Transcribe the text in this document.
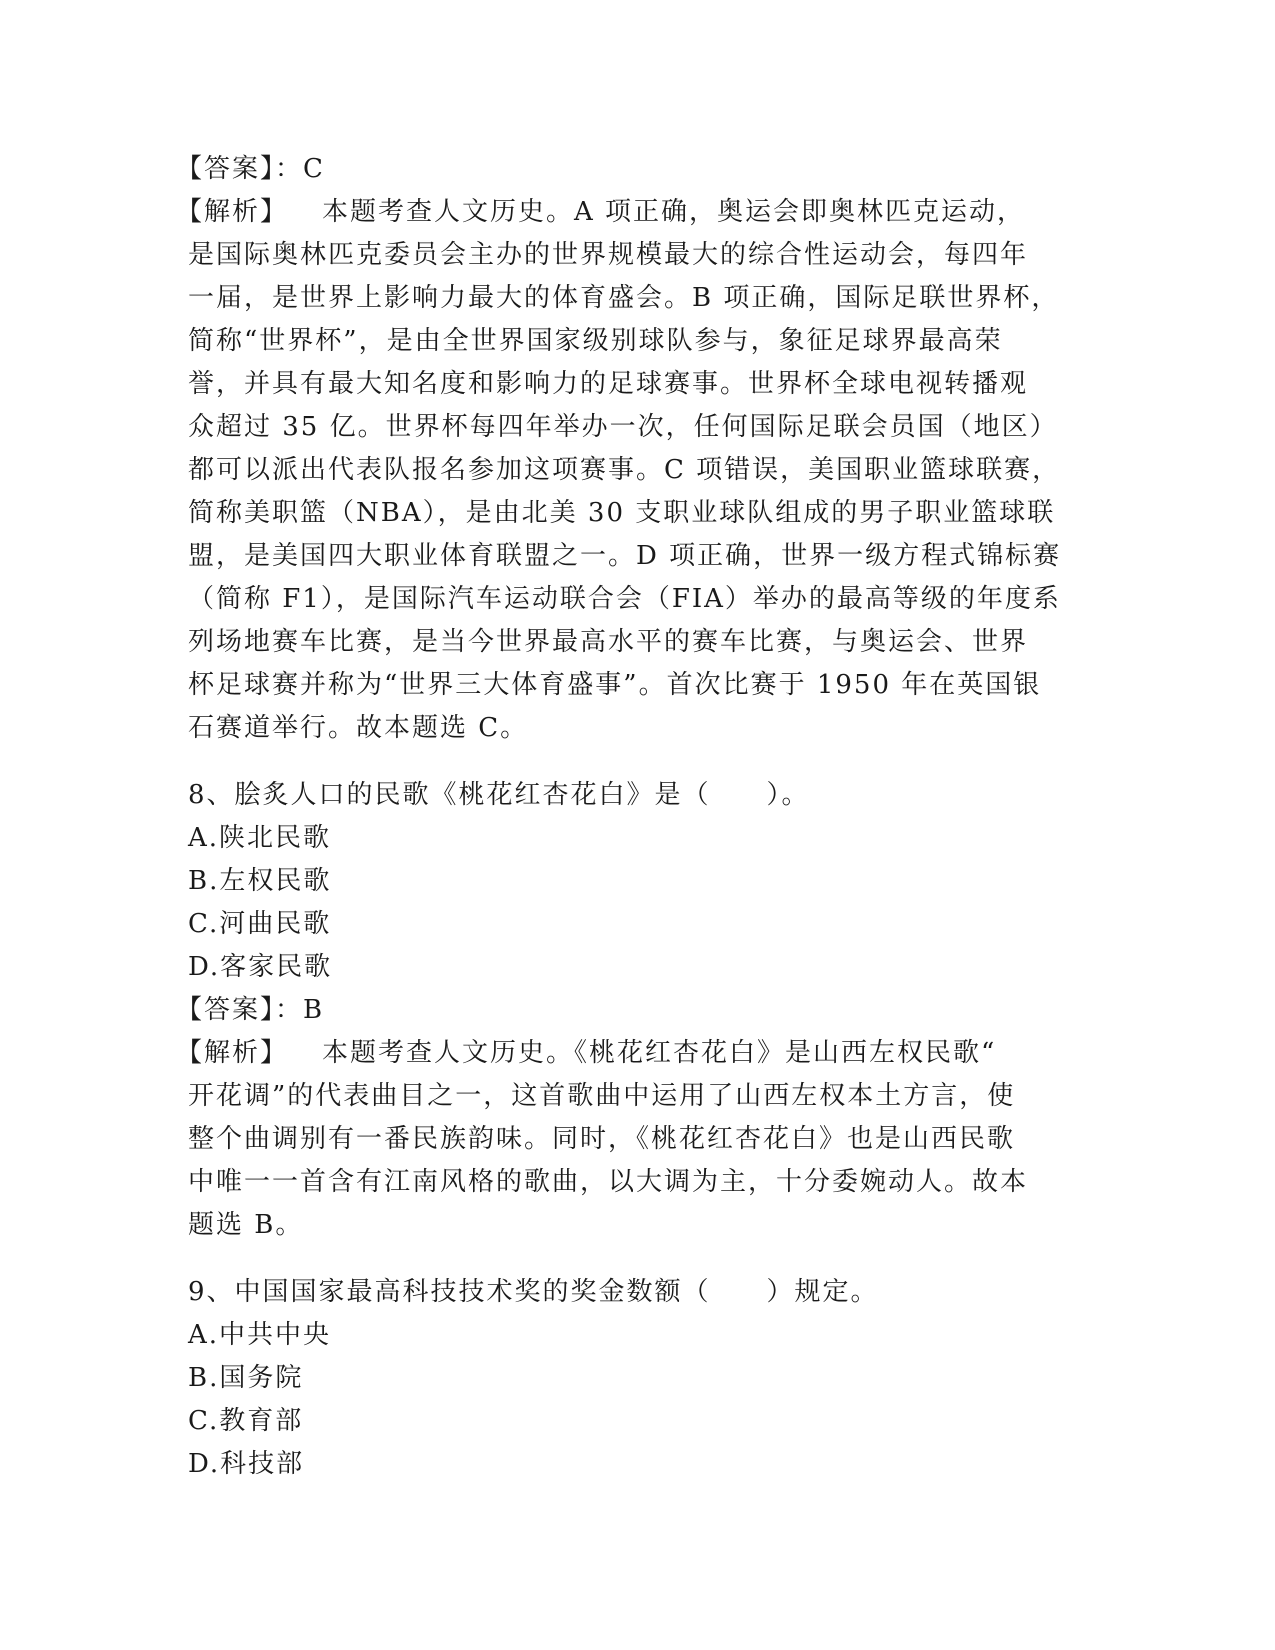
【答案】：C
【解析】 本题考查人文历史。A 项正确，奥运会即奥林匹克运动，
是国际奥林匹克委员会主办的世界规模最大的综合性运动会，每四年
一届，是世界上影响力最大的体育盛会。B 项正确，国际足联世界杯，
简称“世界杯”，是由全世界国家级别球队参与，象征足球界最高荣
誉，并具有最大知名度和影响力的足球赛事。世界杯全球电视转播观
众超过 35 亿。世界杯每四年举办一次，任何国际足联会员国（地区）
都可以派出代表队报名参加这项赛事。C 项错误，美国职业篮球联赛，
简称美职篮（NBA），是由北美 30 支职业球队组成的男子职业篮球联
盟，是美国四大职业体育联盟之一。D 项正确，世界一级方程式锦标赛
（简称 F1），是国际汽车运动联合会（FIA）举办的最高等级的年度系
列场地赛车比赛，是当今世界最高水平的赛车比赛，与奥运会、世界
杯足球赛并称为“世界三大体育盛事”。首次比赛于 1950 年在英国银
石赛道举行。故本题选 C。
8、脍炙人口的民歌《桃花红杏花白》是（　　）。
A.陕北民歌
B.左权民歌
C.河曲民歌
D.客家民歌
【答案】：B
【解析】 本题考查人文历史。《桃花红杏花白》是山西左权民歌“
开花调”的代表曲目之一，这首歌曲中运用了山西左权本土方言，使
整个曲调别有一番民族韵味。同时，《桃花红杏花白》也是山西民歌
中唯一一首含有江南风格的歌曲，以大调为主，十分委婉动人。故本
题选 B。
9、中国国家最高科技技术奖的奖金数额（　　）规定。
A.中共中央
B.国务院
C.教育部
D.科技部
